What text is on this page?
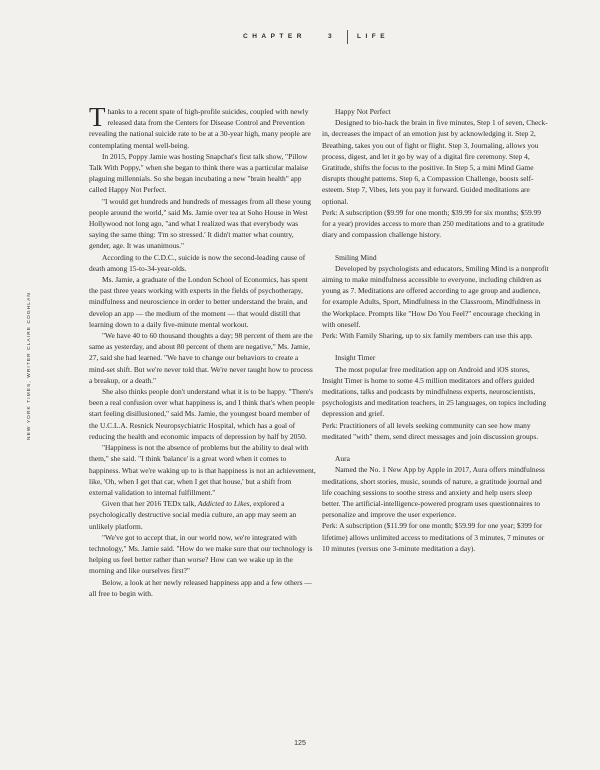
CHAPTER	3	LIFE
NEW YORK TIMES, WRITER CLAIRE COGHLAN

Thanks to a recent spate of high-profile suicides, coupled with newly released data from the Centers for Disease Control and Prevention revealing the national suicide rate to be at a 30-year high, many people are contemplating mental well-being.

In 2015, Poppy Jamie was hosting Snapchat's first talk show, "Pillow Talk With Poppy," when she began to think there was a particular malaise plaguing millennials. So she began incubating a new "brain health" app called Happy Not Perfect.

"I would get hundreds and hundreds of messages from all these young people around the world," said Ms. Jamie over tea at Soho House in West Hollywood not long ago, "and what I realized was that everybody was saying the same thing: 'I'm so stressed.' It didn't matter what country, gender, age. It was unanimous."

According to the C.D.C., suicide is now the second-leading cause of death among 15-to-34-year-olds.

Ms. Jamie, a graduate of the London School of Economics, has spent the past three years working with experts in the fields of psychotherapy, mindfulness and neuroscience in order to better understand the brain, and develop an app — the medium of the moment — that would distill that learning down to a daily five-minute mental workout.

"We have 40 to 60 thousand thoughts a day; 98 percent of them are the same as yesterday, and about 80 percent of them are negative," Ms. Jamie, 27, said she had learned. "We have to change our behaviors to create a mind-set shift. But we're never told that. We're never taught how to process a breakup, or a death."

She also thinks people don't understand what it is to be happy. "There's been a real confusion over what happiness is, and I think that's when people start feeling disillusioned," said Ms. Jamie, the youngest board member of the U.C.L.A. Resnick Neuropsychiatric Hospital, which has a goal of reducing the health and economic impacts of depression by half by 2050.

"Happiness is not the absence of problems but the ability to deal with them," she said. "I think 'balance' is a great word when it comes to happiness. What we're waking up to is that happiness is not an achievement, like, 'Oh, when I get that car, when I get that house,' but a shift from external validation to internal fulfillment."

Given that her 2016 TEDx talk, Addicted to Likes, explored a psychologically destructive social media culture, an app may seem an unlikely platform.

"We've got to accept that, in our world now, we're integrated with technology," Ms. Jamie said. "How do we make sure that our technology is helping us feel better rather than worse? How can we wake up in the morning and like ourselves first?"

Below, a look at her newly released happiness app and a few others — all free to begin with.

Happy Not Perfect

Designed to bio-hack the brain in five minutes, Step 1 of seven, Check-in, decreases the impact of an emotion just by acknowledging it. Step 2, Breathing, takes you out of fight or flight. Step 3, Journaling, allows you process, digest, and let it go by way of a digital fire ceremony. Step 4, Gratitude, shifts the focus to the positive. In Step 5, a mini Mind Game disrupts thought patterns. Step 6, a Compassion Challenge, boosts self-esteem. Step 7, Vibes, lets you pay it forward. Guided meditations are optional.

Perk: A subscription ($9.99 for one month; $39.99 for six months; $59.99 for a year) provides access to more than 250 meditations and to a gratitude diary and compassion challenge history.

Smiling Mind

Developed by psychologists and educators, Smiling Mind is a nonprofit aiming to make mindfulness accessible to everyone, including children as young as 7. Meditations are offered according to age group and audience, for example Adults, Sport, Mindfulness in the Classroom, Mindfulness in the Workplace. Prompts like "How Do You Feel?" encourage checking in with oneself.

Perk: With Family Sharing, up to six family members can use this app.

Insight Timer

The most popular free meditation app on Android and iOS stores, Insight Timer is home to some 4.5 million meditators and offers guided meditations, talks and podcasts by mindfulness experts, neuroscientists, psychologists and meditation teachers, in 25 languages, on topics including depression and grief.

Perk: Practitioners of all levels seeking community can see how many meditated "with" them, send direct messages and join discussion groups.

Aura

Named the No. 1 New App by Apple in 2017, Aura offers mindfulness meditations, short stories, music, sounds of nature, a gratitude journal and life coaching sessions to soothe stress and anxiety and help users sleep better. The artificial-intelligence-powered program uses questionnaires to personalize and improve the user experience.

Perk: A subscription ($11.99 for one month; $59.99 for one year; $399 for lifetime) allows unlimited access to meditations of 3 minutes, 7 minutes or 10 minutes (versus one 3-minute meditation a day).

125
